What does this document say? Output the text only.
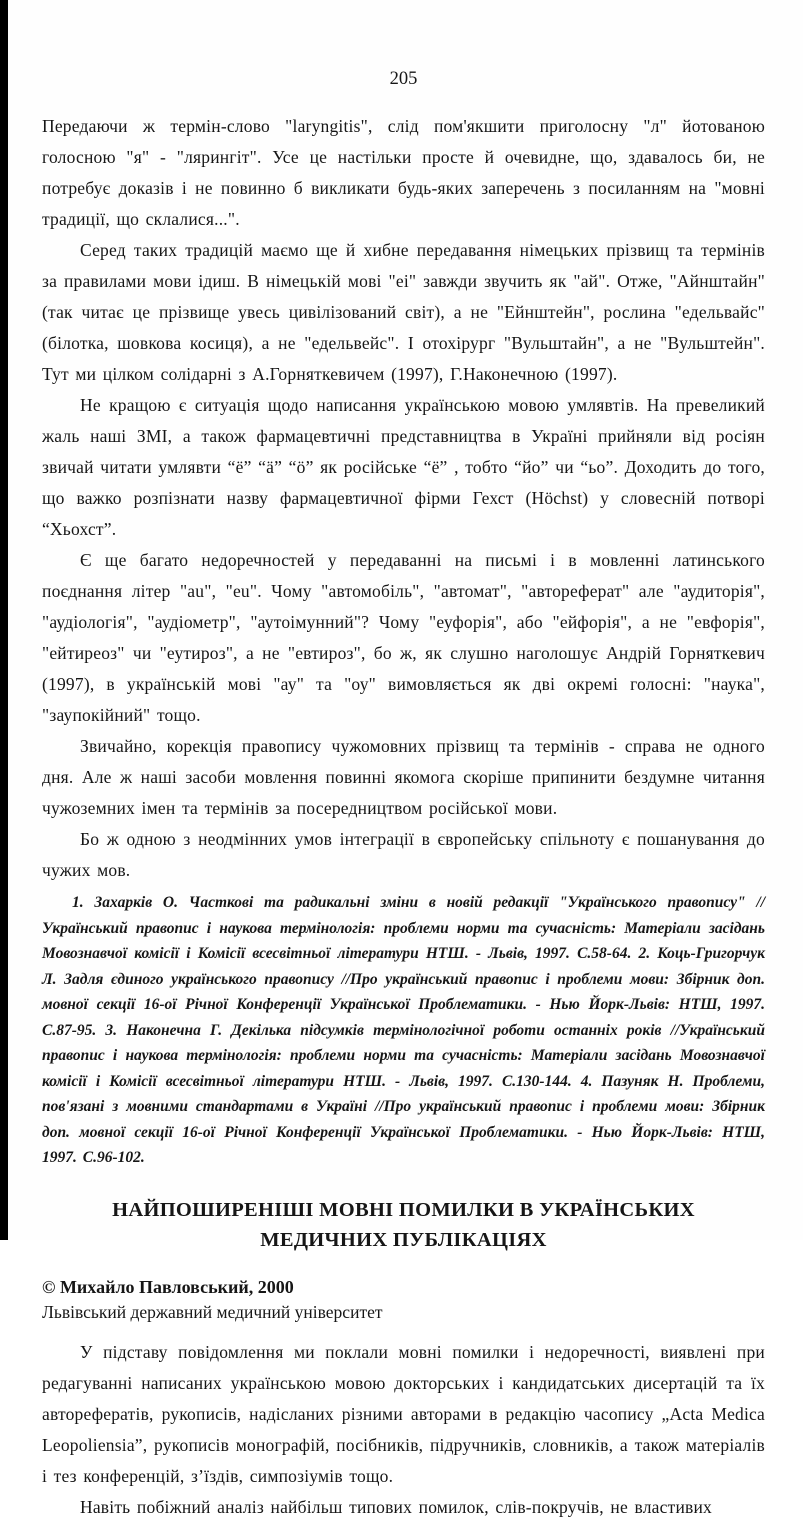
205

Передаючи ж термін-слово "laryngitis", слід пом'якшити приголосну "л" йотованою голосною "я" - "лярингіт". Усе це настільки просте й очевидне, що, здавалось би, не потребує доказів і не повинно б викликати будь-яких заперечень з посиланням на "мовні традиції, що склалися...".

Серед таких традицій маємо ще й хибне передавання німецьких прізвищ та термінів за правилами мови ідиш. В німецькій мові "ei" завжди звучить як "ай". Отже, "Айнштайн" (так читає це прізвище увесь цивілізований світ), а не "Ейнштейн", рослина "едельвайс" (білотка, шовкова косиця), а не "едельвейс". І отохірург "Вульштайн", а не "Вульштейн". Тут ми цілком солідарні з А.Горняткевичем (1997), Г.Наконечною (1997).

Не кращою є ситуація щодо написання українською мовою умлявтів. На превеликий жаль наші ЗМІ, а також фармацевтичні представництва в Україні прийняли від росіян звичай читати умлявти “ё” “ä” “ö” як російське “ё” , тобто “йо” чи “ьо”. Доходить до того, що важко розпізнати назву фармацевтичної фірми Гехст (Höchst) у словесній потворі “Хьохст”.

Є ще багато недоречностей у передаванні на письмі і в мовленні латинського поєднання літер "au", "eu". Чому "автомобіль", "автомат", "автореферат" але "аудиторія", "аудіологія", "аудіометр", "аутоімунний"? Чому "еуфорія", або "ейфорія", а не "евфорія", "ейтиреоз" чи "еутироз", а не "евтироз", бо ж, як слушно наголошує Андрій Горняткевич (1997), в українській мові "ау" та "оу" вимовляється як дві окремі голосні: "наука", "заупокійний" тощо.

Звичайно, корекція правопису чужомовних прізвищ та термінів - справа не одного дня. Але ж наші засоби мовлення повинні якомога скоріше припинити бездумне читання чужоземних імен та термінів за посередництвом російської мови.

Бо ж одною з неодмінних умов інтеграції в європейську спільноту є пошанування до чужих мов.

1. Захарків О. Часткові та радикальні зміни в новій редакції "Українського правопису" //Український правопис і наукова термінологія: проблеми норми та сучасність: Матеріали засідань Мовознавчої комісії і Комісії всесвітньої літератури НТШ. - Львів, 1997. С.58-64. 2. Коць-Григорчук Л. Задля єдиного українського правопису //Про український правопис і проблеми мови: Збірник доп. мовної секції 16-ої Річної Конференції Української Проблематики. - Нью Йорк-Львів: НТШ, 1997. С.87-95. 3. Наконечна Г. Декілька підсумків термінологічної роботи останніх років //Український правопис і наукова термінологія: проблеми норми та сучасність: Матеріали засідань Мовознавчої комісії і Комісії всесвітньої літератури НТШ. - Львів, 1997. С.130-144. 4. Пазуняк Н. Проблеми, пов'язані з мовними стандартами в Україні //Про український правопис і проблеми мови: Збірник доп. мовної секції 16-ої Річної Конференції Української Проблематики. - Нью Йорк-Львів: НТШ, 1997. С.96-102.

НАЙПОШИРЕНІШІ МОВНІ ПОМИЛКИ В УКРАЇНСЬКИХ МЕДИЧНИХ ПУБЛІКАЦІЯХ

© Михайло Павловський, 2000

Львівський державний медичний університет

У підставу повідомлення ми поклали мовні помилки і недоречності, виявлені при редагуванні написаних українською мовою докторських і кандидатських дисертацій та їх авторефератів, рукописів, надісланих різними авторами в редакцію часопису „Acta Medica Leopoliensia”, рукописів монографій, посібників, підручників, словників, а також матеріалів і тез конференцій, з’їздів, симпозіумів тощо.

Навіть побіжний аналіз найбільш типових помилок, слів-покручів, не властивих
